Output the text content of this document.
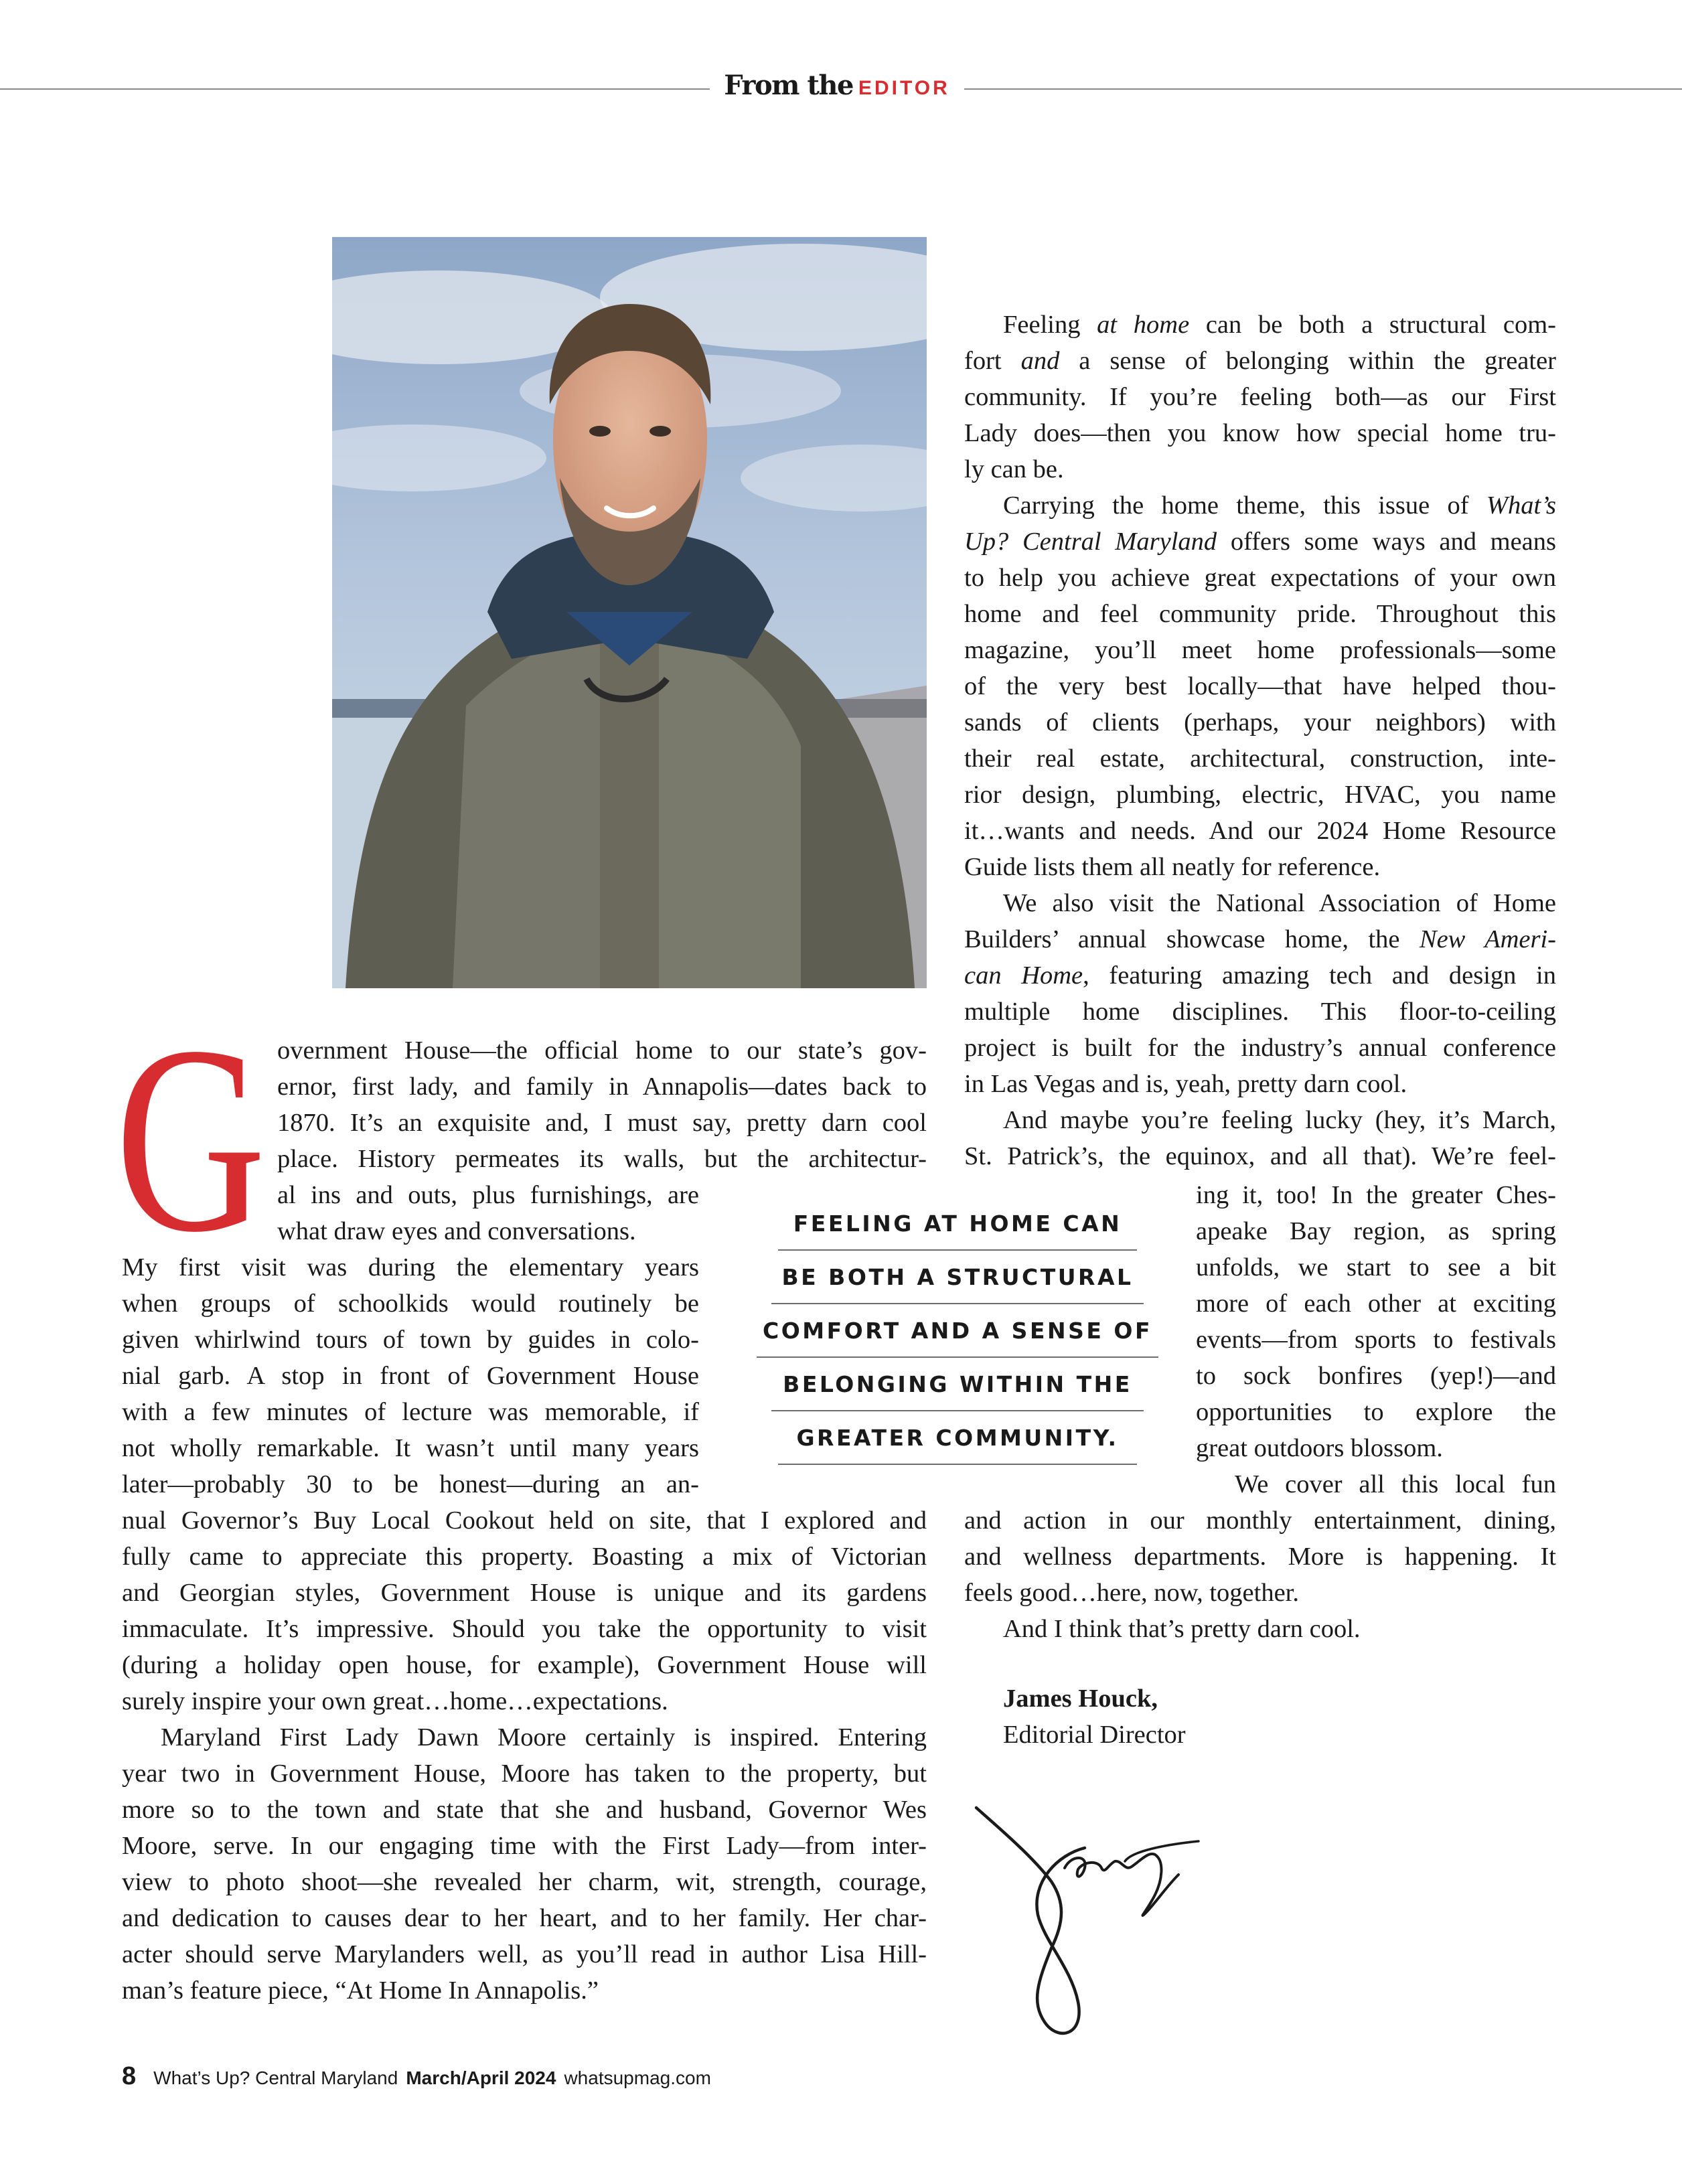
From the EDITOR
G overnment House—the official home to our state’s gov-
ernor, first lady, and family in Annapolis—dates back to
1870. It’s an exquisite and, I must say, pretty darn cool
place. History permeates its walls, but the architectur-
al ins and outs, plus furnishings, are
what draw eyes and conversations.
My first visit was during the elementary years
when groups of schoolkids would routinely be
given whirlwind tours of town by guides in colo-
nial garb. A stop in front of Government House
with a few minutes of lecture was memorable, if
not wholly remarkable. It wasn’t until many years
later—probably 30 to be honest—during an an-
nual Governor’s Buy Local Cookout held on site, that I explored and
fully came to appreciate this property. Boasting a mix of Victorian
and Georgian styles, Government House is unique and its gardens
immaculate. It’s impressive. Should you take the opportunity to visit
(during a holiday open house, for example), Government House will
surely inspire your own great…home…expectations.
Maryland First Lady Dawn Moore certainly is inspired. Entering
year two in Government House, Moore has taken to the property, but
more so to the town and state that she and husband, Governor Wes
Moore, serve. In our engaging time with the First Lady—from inter-
view to photo shoot—she revealed her charm, wit, strength, courage,
and dedication to causes dear to her heart, and to her family. Her char-
acter should serve Marylanders well, as you’ll read in author Lisa Hill-
man’s feature piece, “At Home In Annapolis.”
Feeling at home can be both a structural com-
fort and a sense of belonging within the greater
community. If you’re feeling both—as our First
Lady does—then you know how special home tru-
ly can be.
Carrying the home theme, this issue of What’s
Up? Central Maryland offers some ways and means
to help you achieve great expectations of your own
home and feel community pride. Throughout this
magazine, you’ll meet home professionals—some
of the very best locally—that have helped thou-
sands of clients (perhaps, your neighbors) with
their real estate, architectural, construction, inte-
rior design, plumbing, electric, HVAC, you name
it…wants and needs. And our 2024 Home Resource
Guide lists them all neatly for reference.
We also visit the National Association of Home
Builders’ annual showcase home, the New Ameri-
can Home, featuring amazing tech and design in
multiple home disciplines. This floor-to-ceiling
project is built for the industry’s annual conference
in Las Vegas and is, yeah, pretty darn cool.
And maybe you’re feeling lucky (hey, it’s March,
St. Patrick’s, the equinox, and all that). We’re feel-
ing it, too! In the greater Ches-
apeake Bay region, as spring
unfolds, we start to see a bit
more of each other at exciting
events—from sports to festivals
to sock bonfires (yep!)—and
opportunities to explore the
great outdoors blossom.
We cover all this local fun
and action in our monthly entertainment, dining,
and wellness departments. More is happening. It
feels good…here, now, together.
And I think that’s pretty darn cool.
FEELING AT HOME CAN
BE BOTH A STRUCTURAL
COMFORT AND A SENSE OF
BELONGING WITHIN THE
GREATER COMMUNITY.
James Houck,
Editorial Director
8 What’s Up? Central Maryland March/April 2024 whatsupmag.com
